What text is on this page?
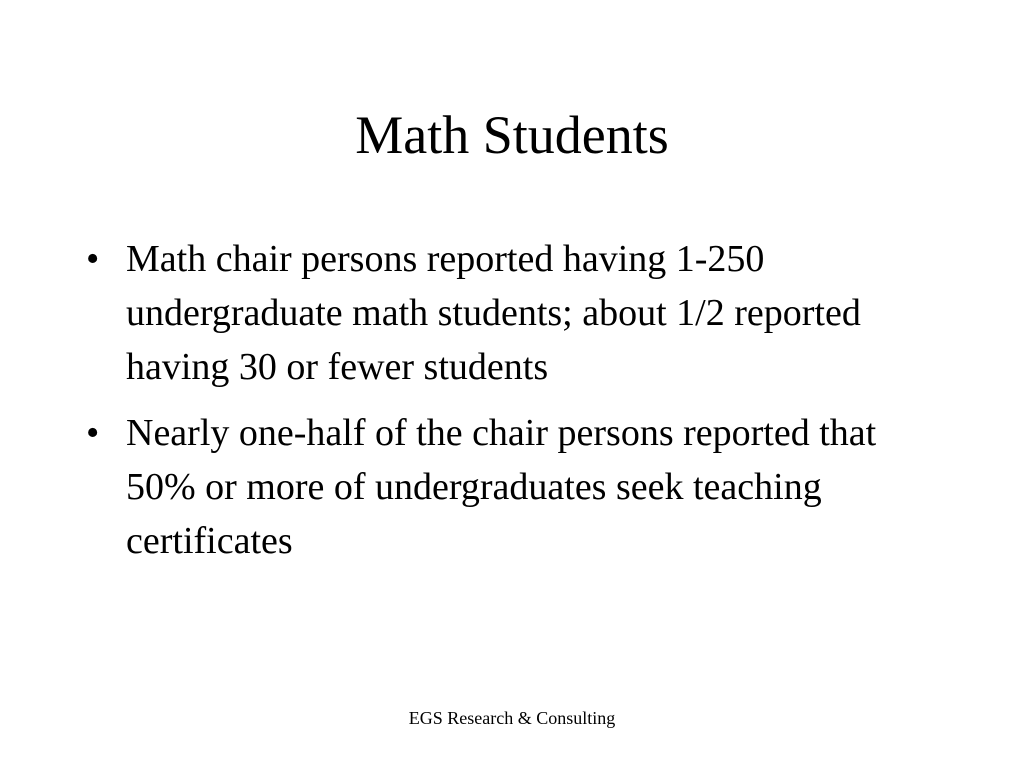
Math Students
• Math chair persons reported having 1-250 undergraduate math students; about 1/2 reported having 30 or fewer students
• Nearly one-half of the chair persons reported that 50% or more of undergraduates seek teaching certificates
EGS Research & Consulting
